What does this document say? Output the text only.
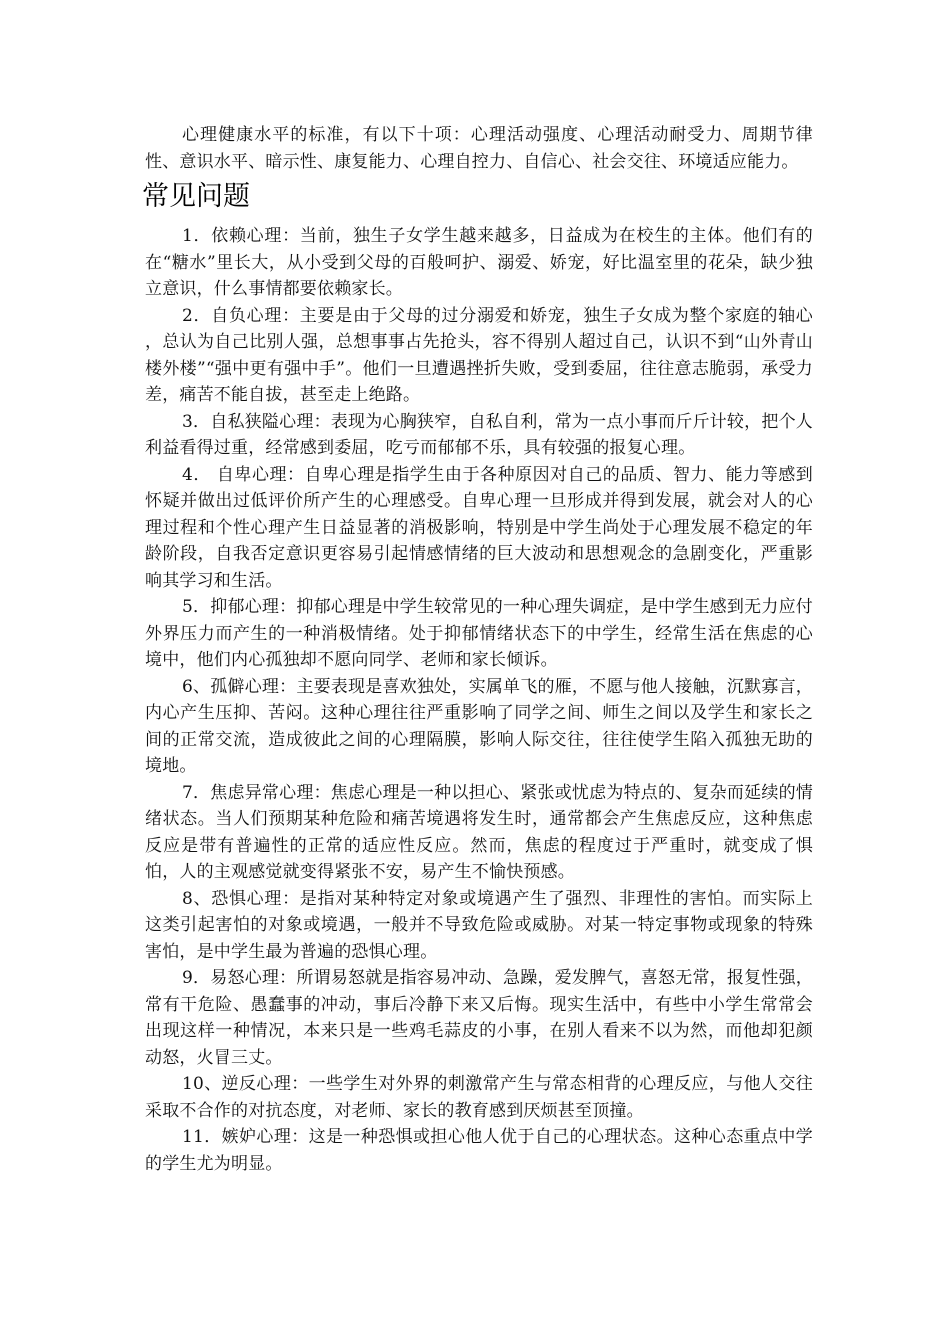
心理健康水平的标准，有以下十项：心理活动强度、心理活动耐受力、周期节律性、意识水平、暗示性、康复能力、心理自控力、自信心、社会交往、环境适应能力。

常见问题

1．依赖心理：当前，独生子女学生越来越多，日益成为在校生的主体。他们有的在“糖水”里长大，从小受到父母的百般呵护、溺爱、娇宠，好比温室里的花朵，缺少独立意识，什么事情都要依赖家长。

2．自负心理：主要是由于父母的过分溺爱和娇宠，独生子女成为整个家庭的轴心 ，总认为自己比别人强，总想事事占先抢头，容不得别人超过自己，认识不到“山外青山楼外楼”“强中更有强中手”。他们一旦遭遇挫折失败，受到委屈，往往意志脆弱，承受力差，痛苦不能自拔，甚至走上绝路。

3．自私狭隘心理：表现为心胸狭窄，自私自利，常为一点小事而斤斤计较，把个人利益看得过重，经常感到委屈，吃亏而郁郁不乐，具有较强的报复心理。

4． 自卑心理：自卑心理是指学生由于各种原因对自己的品质、智力、能力等感到怀疑并做出过低评价所产生的心理感受。自卑心理一旦形成并得到发展，就会对人的心理过程和个性心理产生日益显著的消极影响，特别是中学生尚处于心理发展不稳定的年龄阶段，自我否定意识更容易引起情感情绪的巨大波动和思想观念的急剧变化，严重影响其学习和生活。

5．抑郁心理：抑郁心理是中学生较常见的一种心理失调症，是中学生感到无力应付外界压力而产生的一种消极情绪。处于抑郁情绪状态下的中学生，经常生活在焦虑的心境中，他们内心孤独却不愿向同学、老师和家长倾诉。

6、孤僻心理：主要表现是喜欢独处，实属单飞的雁，不愿与他人接触，沉默寡言，内心产生压抑、苦闷。这种心理往往严重影响了同学之间、师生之间以及学生和家长之间的正常交流，造成彼此之间的心理隔膜，影响人际交往，往往使学生陷入孤独无助的境地。

7．焦虑异常心理：焦虑心理是一种以担心、紧张或忧虑为特点的、复杂而延续的情绪状态。当人们预期某种危险和痛苦境遇将发生时，通常都会产生焦虑反应，这种焦虑反应是带有普遍性的正常的适应性反应。然而，焦虑的程度过于严重时，就变成了惧怕，人的主观感觉就变得紧张不安，易产生不愉快预感。

8、恐惧心理：是指对某种特定对象或境遇产生了强烈、非理性的害怕。而实际上 这类引起害怕的对象或境遇，一般并不导致危险或威胁。对某一特定事物或现象的特殊害怕，是中学生最为普遍的恐惧心理。

9．易怒心理：所谓易怒就是指容易冲动、急躁，爱发脾气，喜怒无常，报复性强，常有干危险、愚蠢事的冲动，事后冷静下来又后悔。现实生活中，有些中小学生常常会出现这样一种情况，本来只是一些鸡毛蒜皮的小事，在别人看来不以为然，而他却犯颜动怒，火冒三丈。

10、逆反心理：一些学生对外界的刺激常产生与常态相背的心理反应，与他人交往采取不合作的对抗态度，对老师、家长的教育感到厌烦甚至顶撞。

11．嫉妒心理：这是一种恐惧或担心他人优于自己的心理状态。这种心态重点中学的学生尤为明显。
